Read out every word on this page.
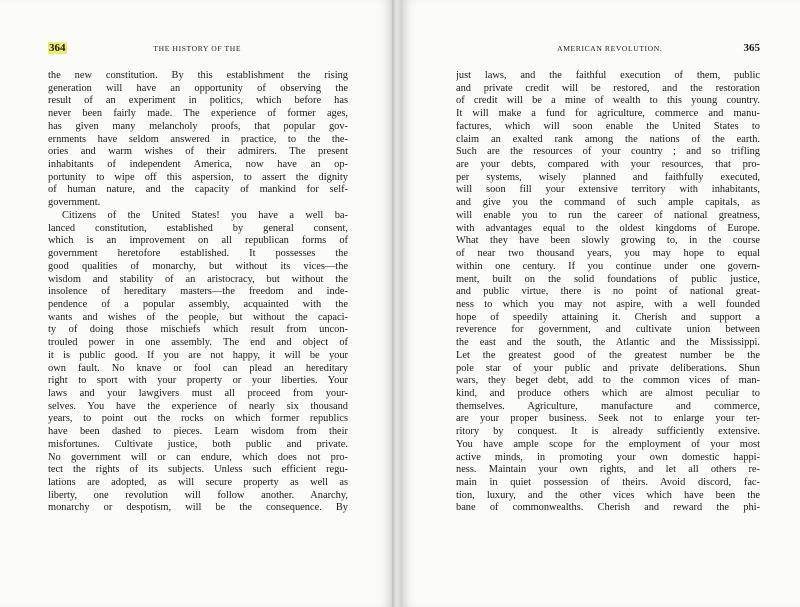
364	THE HISTORY OF THE
the new constitution. By this establishment the rising
generation will have an opportunity of observing the
result of an experiment in politics, which before has
never been fairly made. The experience of former ages,
has given many melancholy proofs, that popular gov-
ernments have seldom answered in practice, to the the-
ories and warm wishes of their admirers. The present
inhabitants of independent America, now have an op-
portunity to wipe off this aspersion, to assert the dignity
of human nature, and the capacity of mankind for self-
government.
Citizens of the United States! you have a well ba-
lanced constitution, established by general consent,
which is an improvement on all republican forms of
government heretofore established. It possesses the
good qualities of monarchy, but without its vices—the
wisdom and stability of an aristocracy, but without the
insolence of hereditary masters—the freedom and inde-
pendence of a popular assembly, acquainted with the
wants and wishes of the people, but without the capaci-
ty of doing those mischiefs which result from uncon-
trouled power in one assembly. The end and object of
it is public good. If you are not happy, it will be your
own fault. No knave or fool can plead an hereditary
right to sport with your property or your liberties. Your
laws and your lawgivers must all proceed from your-
selves. You have the experience of nearly six thousand
years, to point out the rocks on which former republics
have been dashed to pieces. Learn wisdom from their
misfortunes. Cultivate justice, both public and private.
No government will or can endure, which does not pro-
tect the rights of its subjects. Unless such efficient regu-
lations are adopted, as will secure property as well as
liberty, one revolution will follow another. Anarchy,
monarchy or despotism, will be the consequence. By
AMERICAN REVOLUTION.	365
just laws, and the faithful execution of them, public
and private credit will be restored, and the restoration
of credit will be a mine of wealth to this young country.
It will make a fund for agriculture, commerce and manu-
factures, which will soon enable the United States to
claim an exalted rank among the nations of the earth.
Such are the resources of your country ; and so trifling
are your debts, compared with your resources, that pro-
per systems, wisely planned and faithfully executed,
will soon fill your extensive territory with inhabitants,
and give you the command of such ample capitals, as
will enable you to run the career of national greatness,
with advantages equal to the oldest kingdoms of Europe.
What they have been slowly growing to, in the course
of near two thousand years, you may hope to equal
within one century. If you continue under one govern-
ment, built on the solid foundations of public justice,
and public virtue, there is no point of national great-
ness to which you may not aspire, with a well founded
hope of speedily attaining it. Cherish and support a
reverence for government, and cultivate union between
the east and the south, the Atlantic and the Mississippi.
Let the greatest good of the greatest number be the
pole star of your public and private deliberations. Shun
wars, they beget debt, add to the common vices of man-
kind, and produce others which are almost peculiar to
themselves. Agriculture, manufacture and commerce,
are your proper business. Seek not to enlarge your ter-
ritory by conquest. It is already sufficiently extensive.
You have ample scope for the employment of your most
active minds, in promoting your own domestic happi-
ness. Maintain your own rights, and let all others re-
main in quiet possession of theirs. Avoid discord, fac-
tion, luxury, and the other vices which have been the
bane of commonwealths. Cherish and reward the phi-
